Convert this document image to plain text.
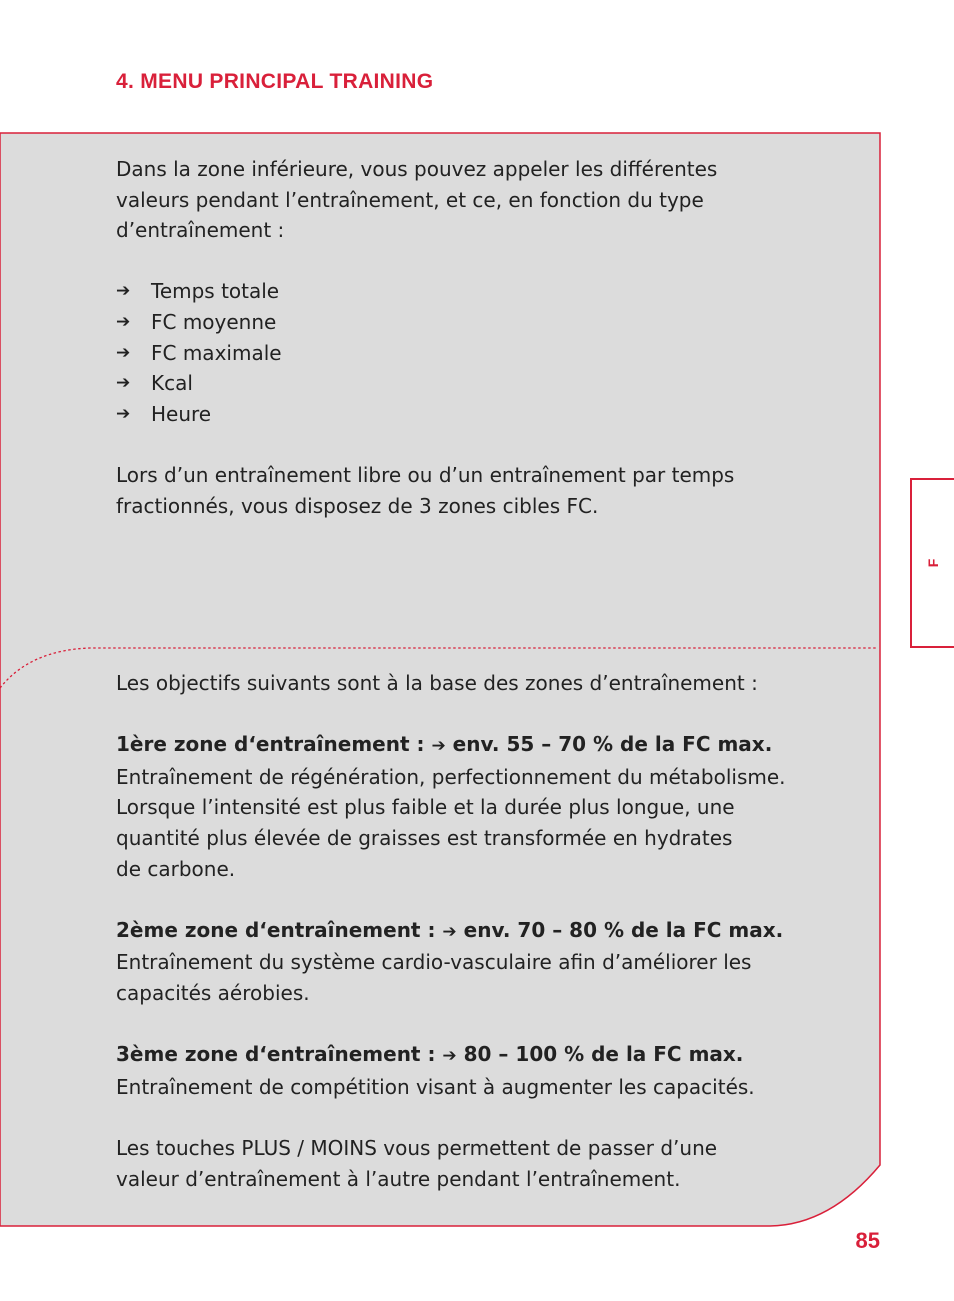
4. MENU PRINCIPAL TRAINING

Dans la zone inférieure, vous pouvez appeler les différentes

valeurs pendant l’entraînement, et ce, en fonction du type

d’entraînement :

➔ Temps totale
➔ FC moyenne
➔ FC maximale
➔ Kcal
➔ Heure

Lors d’un entraînement libre ou d’un entraînement par temps

fractionnés, vous disposez de 3 zones cibles FC.

Les objectifs suivants sont à la base des zones d’entraînement :

1ère zone d‘entraînement : ➔ env. 55 – 70 % de la FC max.

Entraînement de régénération, perfectionnement du métabolisme.

Lorsque l’intensité est plus faible et la durée plus longue, une

quantité plus élevée de graisses est transformée en hydrates

de carbone.

2ème zone d‘entraînement : ➔ env. 70 – 80 % de la FC max.

Entraînement du système cardio-vasculaire afin d’améliorer les

capacités aérobies.

3ème zone d‘entraînement : ➔ 80 – 100 % de la FC max.

Entraînement de compétition visant à augmenter les capacités.

Les touches PLUS / MOINS vous permettent de passer d’une

valeur d’entraînement à l’autre pendant l’entraînement.

F
85
